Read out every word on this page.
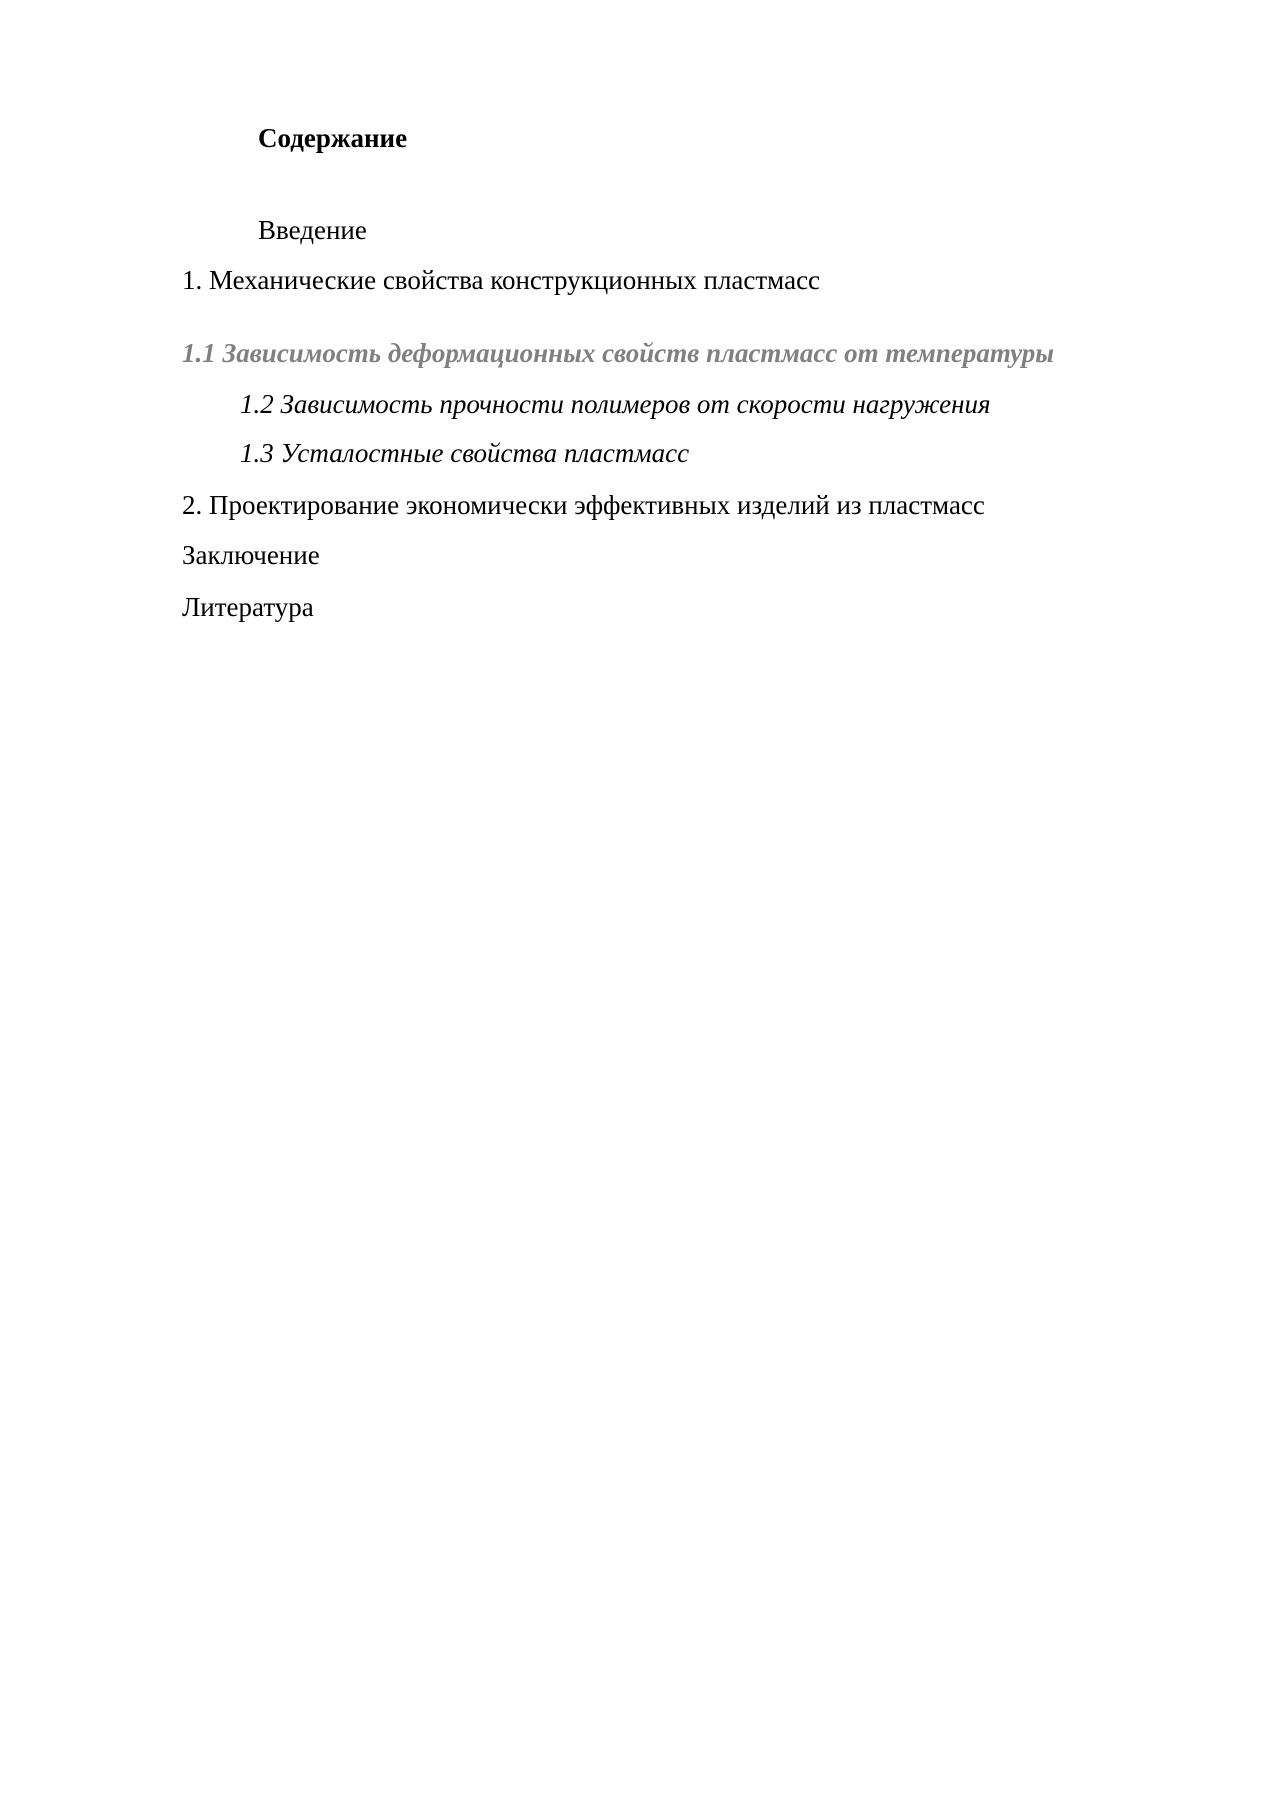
Содержание
Введение
1. Механические свойства конструкционных пластмасс
1.1 Зависимость деформационных свойств пластмасс от температуры
1.2 Зависимость прочности полимеров от скорости нагружения
1.3 Усталостные свойства пластмасс
2. Проектирование экономически эффективных изделий из пластмасс
Заключение
Литература
